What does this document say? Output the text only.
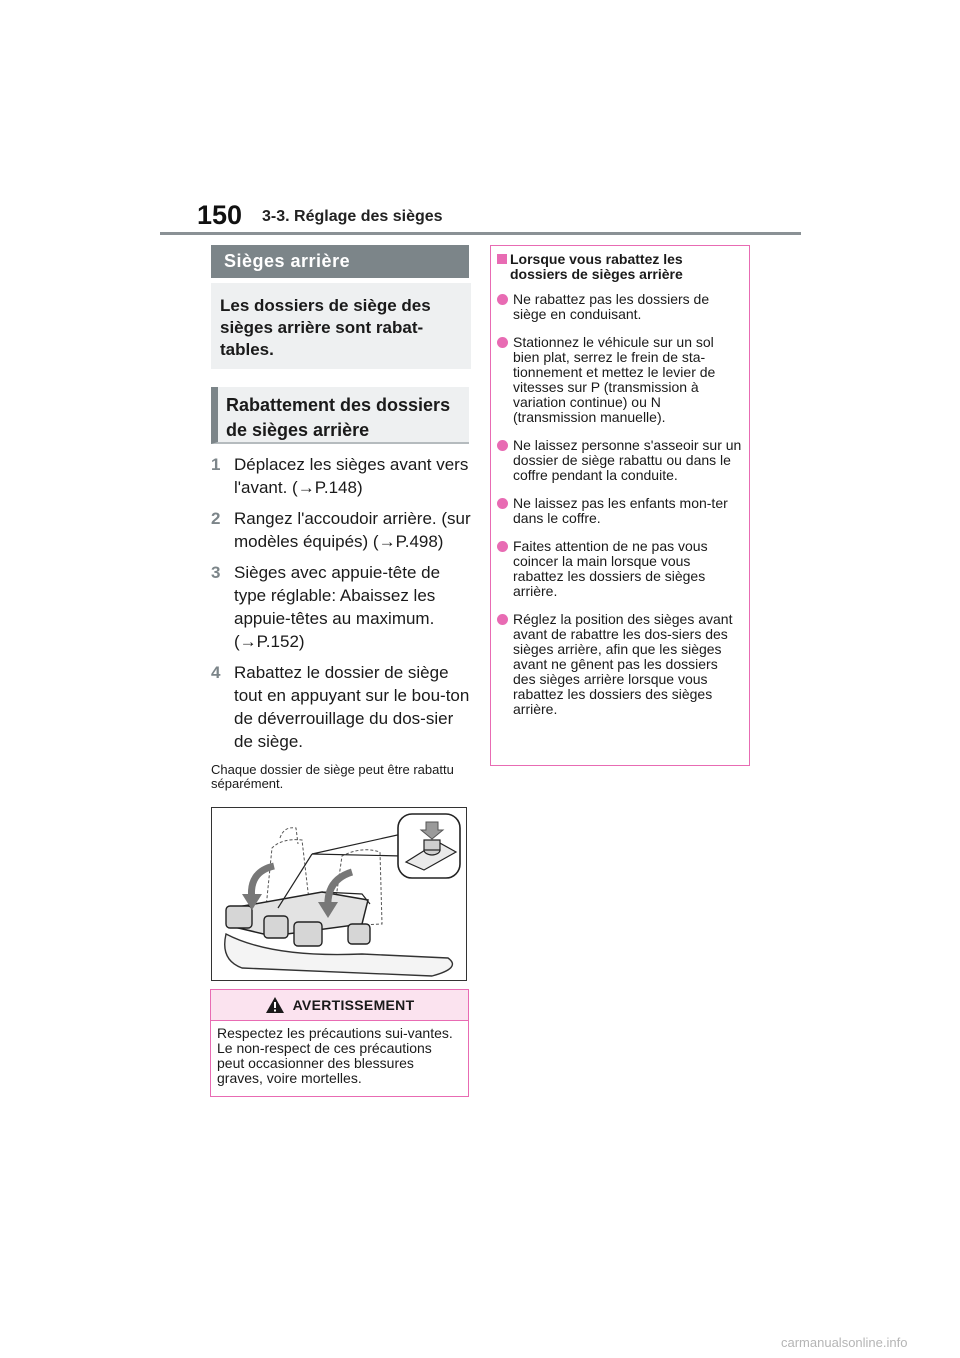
150 3-3. Réglage des sièges
Sièges arrière
Les dossiers de siège des sièges arrière sont rabat-tables.
Rabattement des dossiers de sièges arrière
1 Déplacez les sièges avant vers l'avant. (→P.148)
2 Rangez l'accoudoir arrière. (sur modèles équipés) (→P.498)
3 Sièges avec appuie-tête de type réglable: Abaissez les appuie-têtes au maximum. (→P.152)
4 Rabattez le dossier de siège tout en appuyant sur le bou-ton de déverrouillage du dos-sier de siège.
Chaque dossier de siège peut être rabattu séparément.
AVERTISSEMENT
Respectez les précautions sui-vantes. Le non-respect de ces précautions peut occasionner des blessures graves, voire mortelles.
Lorsque vous rabattez les dossiers de sièges arrière
Ne rabattez pas les dossiers de siège en conduisant.
Stationnez le véhicule sur un sol bien plat, serrez le frein de sta-tionnement et mettez le levier de vitesses sur P (transmission à variation continue) ou N (transmission manuelle).
Ne laissez personne s'asseoir sur un dossier de siège rabattu ou dans le coffre pendant la conduite.
Ne laissez pas les enfants mon-ter dans le coffre.
Faites attention de ne pas vous coincer la main lorsque vous rabattez les dossiers de sièges arrière.
Réglez la position des sièges avant avant de rabattre les dos-siers des sièges arrière, afin que les sièges avant ne gênent pas les dossiers des sièges arrière lorsque vous rabattez les dossiers des sièges arrière.
carmanualsonline.info
